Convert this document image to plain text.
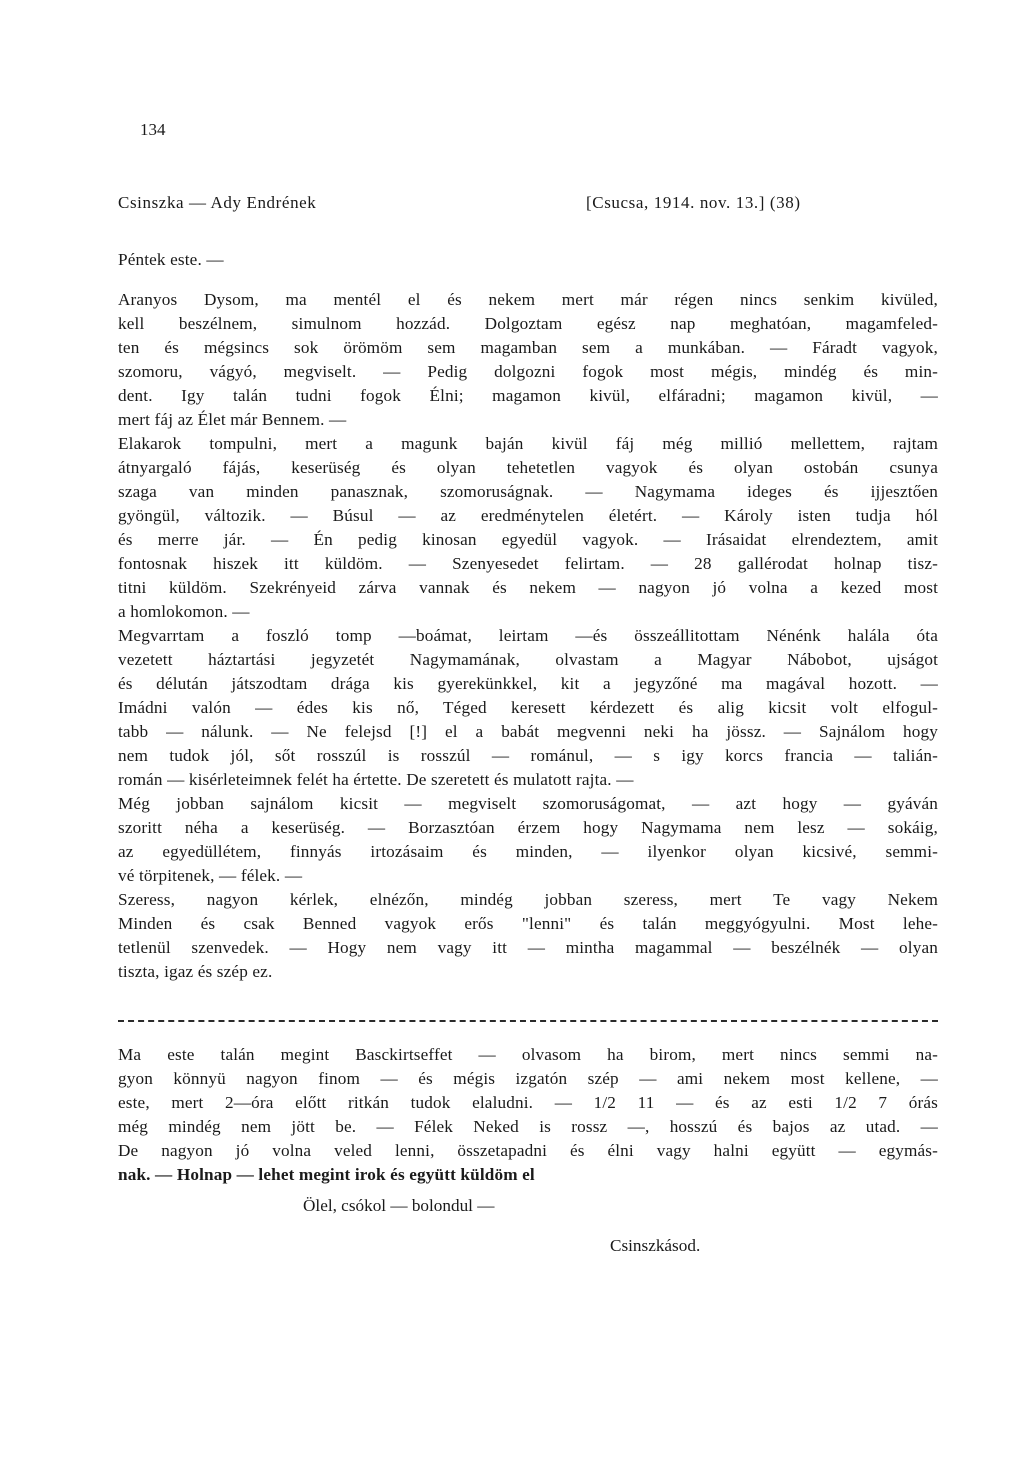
134
Csinszka — Ady Endrének	[Csucsa, 1914. nov. 13.] (38)
Péntek este. —
Aranyos Dysom, ma mentél el és nekem mert már régen nincs senkim kivüled,
kell beszélnem, simulnom hozzád. Dolgoztam egész nap meghatóan, magamfeled-
ten és mégsincs sok örömöm sem magamban sem a munkában. — Fáradt vagyok,
szomoru, vágyó, megviselt. — Pedig dolgozni fogok most mégis, mindég és min-
dent. Igy talán tudni fogok Élni; magamon kivül, elfáradni; magamon kivül, —
mert fáj az Élet már Bennem. —
Elakarok tompulni, mert a magunk baján kivül fáj még millió mellettem, rajtam
átnyargaló fájás, keserüség és olyan tehetetlen vagyok és olyan ostobán csunya
szaga van minden panasznak, szomoruságnak. — Nagymama ideges és ijjesztően
gyöngül, változik. — Búsul — az eredménytelen életért. — Károly isten tudja hól
és merre jár. — Én pedig kinosan egyedül vagyok. — Irásaidat elrendeztem, amit
fontosnak hiszek itt küldöm. — Szenyesedet felirtam. — 28 gallérodat holnap tisz-
titni küldöm. Szekrényeid zárva vannak és nekem — nagyon jó volna a kezed most
a homlokomon. —
Megvarrtam a foszló tomp —boámat, leirtam —és összeállitottam Nénénk halála óta
vezetett háztartási jegyzetét Nagymamának, olvastam a Magyar Nábobot, ujságot
és délután játszodtam drága kis gyerekünkkel, kit a jegyzőné ma magával hozott. —
Imádni valón — édes kis nő, Téged keresett kérdezett és alig kicsit volt elfogul-
tabb — nálunk. — Ne felejsd [!] el a babát megvenni neki ha jössz. — Sajnálom hogy
nem tudok jól, sőt rosszúl is rosszúl — románul, — s igy korcs francia — talián-
román — kisérleteimnek felét ha értette. De szeretett és mulatott rajta. —
Még jobban sajnálom kicsit — megviselt szomoruságomat, — azt hogy — gyáván
szoritt néha a keserüség. — Borzasztóan érzem hogy Nagymama nem lesz — sokáig,
az egyedüllétem, finnyás irtozásaim és minden, — ilyenkor olyan kicsivé, semmi-
vé törpitenek, — félek. —
Szeress, nagyon kérlek, elnézőn, mindég jobban szeress, mert Te vagy Nekem
Minden és csak Benned vagyok erős "lenni" és talán meggyógyulni. Most lehe-
tetlenül szenvedek. — Hogy nem vagy itt — mintha magammal — beszélnék — olyan
tiszta, igaz és szép ez.
Ma este talán megint Basckirtseffet — olvasom ha birom, mert nincs semmi na-
gyon könnyü nagyon finom — és mégis izgatón szép — ami nekem most kellene, —
este, mert 2—óra előtt ritkán tudok elaludni. — 1/2 11 — és az esti 1/2 7 órás
még mindég nem jött be. — Félek Neked is rossz —, hosszú és bajos az utad. —
De nagyon jó volna veled lenni, összetapadni és élni vagy halni együtt — egymás-
nak. — Holnap — lehet megint irok és együtt küldöm el
Ölel, csókol — bolondul —
Csinszkásod.
